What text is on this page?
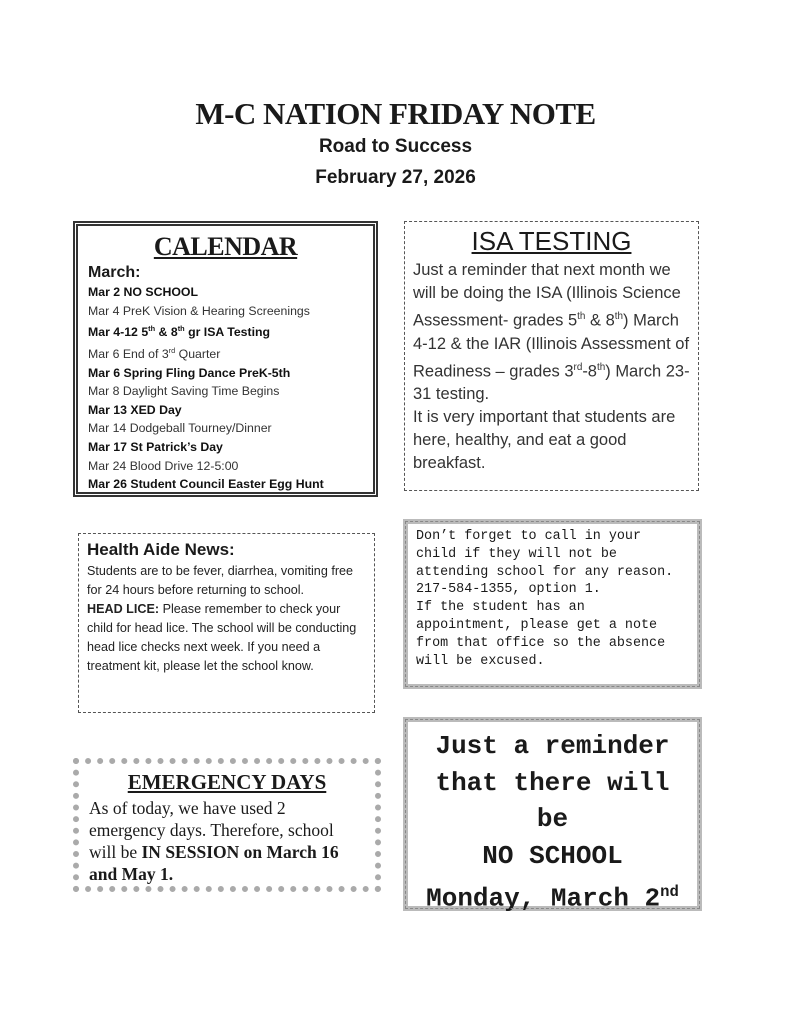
M-C NATION FRIDAY NOTE
Road to Success
February 27, 2026
CALENDAR
March:
Mar 2 NO SCHOOL
Mar 4 PreK Vision & Hearing Screenings
Mar 4-12 5th & 8th gr ISA Testing
Mar 6 End of 3rd Quarter
Mar 6 Spring Fling Dance PreK-5th
Mar 8 Daylight Saving Time Begins
Mar 13 XED Day
Mar 14 Dodgeball Tourney/Dinner
Mar 17 St Patrick’s Day
Mar 24 Blood Drive 12-5:00
Mar 26 Student Council Easter Egg Hunt
ISA TESTING

Just a reminder that next month we will be doing the ISA (Illinois Science Assessment- grades 5th & 8th) March 4-12 & the IAR (Illinois Assessment of Readiness – grades 3rd-8th) March 23-31 testing.

It is very important that students are here, healthy, and eat a good breakfast.

Health Aide News:

Students are to be fever, diarrhea, vomiting free for 24 hours before returning to school.

HEAD LICE: Please remember to check your child for head lice. The school will be conducting head lice checks next week. If you need a treatment kit, please let the school know.

Don’t forget to call in your child if they will not be attending school for any reason.
217-584-1355, option 1.
If the student has an appointment, please get a note from that office so the absence will be excused.
EMERGENCY DAYS

As of today, we have used 2 emergency days. Therefore, school will be IN SESSION on March 16 and May 1.

Just a reminder
that there will
be
NO SCHOOL
Monday, March 2nd
